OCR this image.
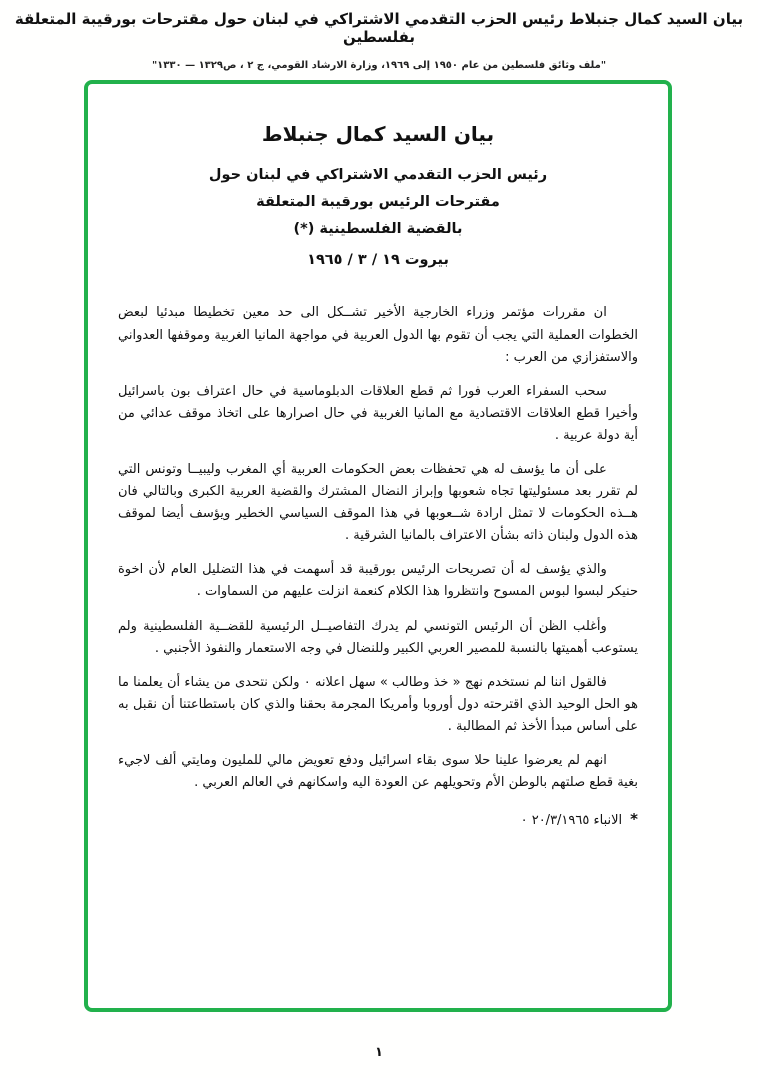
بيان السيد كمال جنبلاط رئيس الحزب التقدمي الاشتراكي في لبنان حول مقترحات بورقيبة المتعلقة بفلسطين
"ملف وثائق فلسطين من عام ١٩٥٠ إلى ١٩٦٩، وزارة الارشاد القومي، ج ٢ ، ص١٣٢٩ — ١٣٣٠"
بيان السيد كمال جنبلاط
رئيس الحزب التقدمي الاشتراكي في لبنان حول
مقترحات الرئيس بورقيبة المتعلقة
بالقضية الفلسطينية (*)
بيروت ١٩ / ٣ / ١٩٦٥

ان مقررات مؤتمر وزراء الخارجية الأخير تشــكل الى حد معين تخطيطا مبدئيا لبعض الخطوات العملية التي يجب أن تقوم بها الدول العربية في مواجهة المانيا الغربية وموقفها العدواني والاستفزازي من العرب :

سحب السفراء العرب فورا ثم قطع العلاقات الدبلوماسية في حال اعتراف بون باسرائيل وأخيرا قطع العلاقات الاقتصادية مع المانيا الغربية في حال اصرارها على اتخاذ موقف عدائي من أية دولة عربية .

على أن ما يؤسف له هي تحفظات بعض الحكومات العربية أي المغرب وليبيــا وتونس التي لم تقرر بعد مسئوليتها تجاه شعوبها وإبراز النضال المشترك والقضية العربية الكبرى وبالتالي فان هــذه الحكومات لا تمثل ارادة شــعوبها في هذا الموقف السياسي الخطير ويؤسف أيضا لموقف هذه الدول ولبنان ذاته بشأن الاعتراف بالمانيا الشرقية .

والذي يؤسف له أن تصريحات الرئيس بورقيبة قد أسهمت في هذا التضليل العام لأن اخوة حنيكر لبسوا لبوس المسوح وانتظروا هذا الكلام كنعمة انزلت عليهم من السماوات .

وأغلب الظن أن الرئيس التونسي لم يدرك التفاصيــل الرئيسية للقضــية الفلسطينية ولم يستوعب أهميتها بالنسبة للمصير العربي الكبير وللنضال في وجه الاستعمار والنفوذ الأجنبي .

فالقول اننا لم نستخدم نهج « خذ وطالب » سهل اعلانه ٠ ولكن نتحدى من يشاء أن يعلمنا ما هو الحل الوحيد الذي اقترحته دول أوروبا وأمريكا المجرمة بحقنا والذي كان باستطاعتنا أن نقبل به على أساس مبدأ الأخذ ثم المطالبة .

انهم لم يعرضوا علينا حلا سوى بقاء اسرائيل ودفع تعويض مالي للمليون ومايتي ألف لاجيء بغية قطع صلتهم بالوطن الأم وتحويلهم عن العودة اليه واسكانهم في العالم العربي .

*الانباء ٢٠/٣/١٩٦٥ ٠
١
